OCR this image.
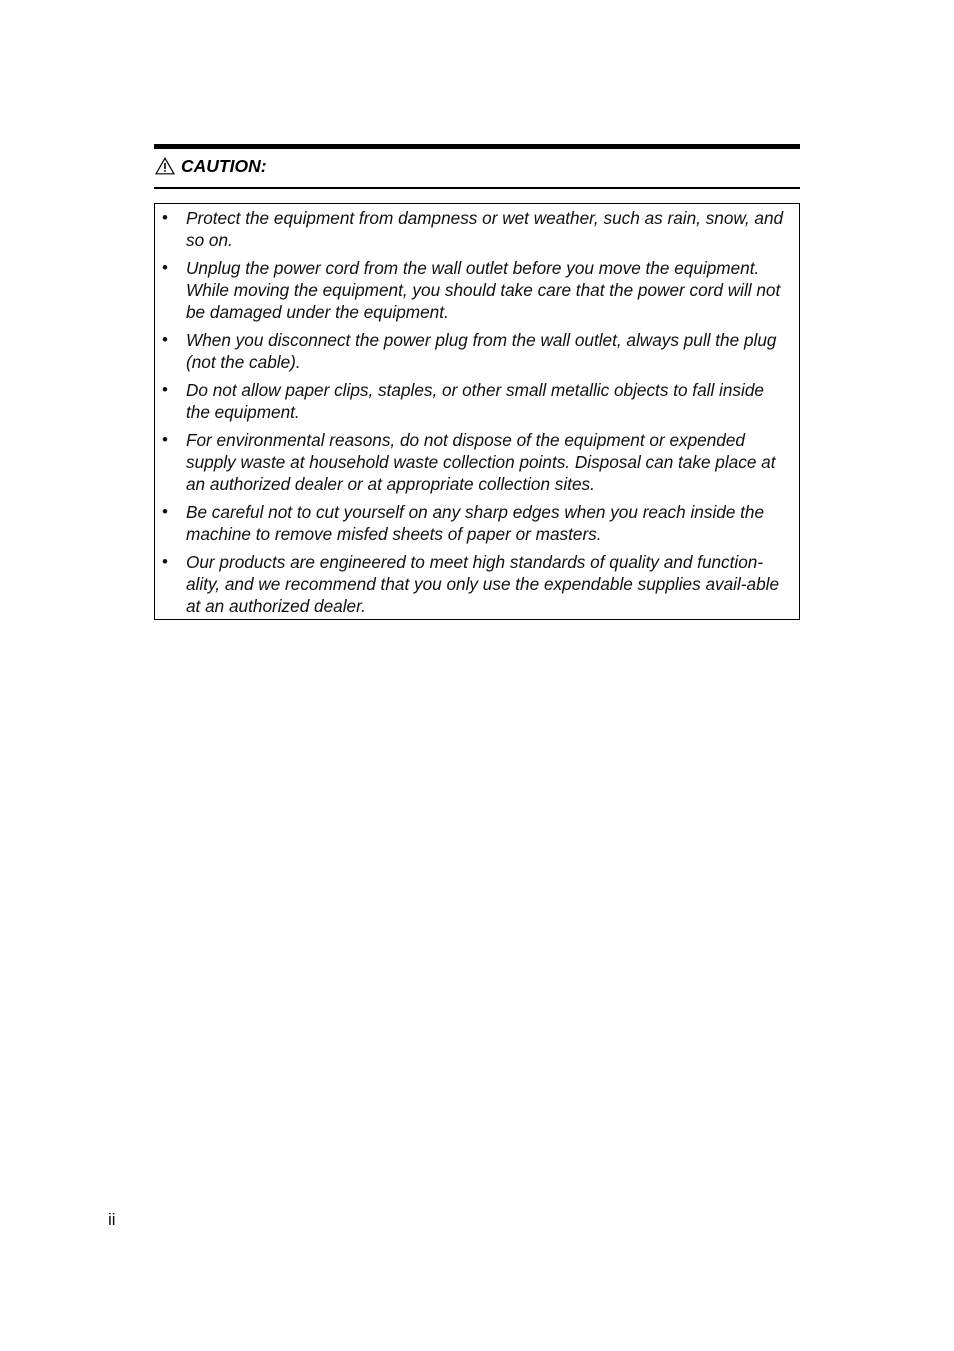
CAUTION:
• Protect the equipment from dampness or wet weather, such as rain, snow, and so on.
• Unplug the power cord from the wall outlet before you move the equipment. While moving the equipment, you should take care that the power cord will not be damaged under the equipment.
• When you disconnect the power plug from the wall outlet, always pull the plug (not the cable).
• Do not allow paper clips, staples, or other small metallic objects to fall inside the equipment.
• For environmental reasons, do not dispose of the equipment or expended supply waste at household waste collection points. Disposal can take place at an authorized dealer or at appropriate collection sites.
• Be careful not to cut yourself on any sharp edges when you reach inside the machine to remove misfed sheets of paper or masters.
• Our products are engineered to meet high standards of quality and function-ality, and we recommend that you only use the expendable supplies avail-able at an authorized dealer.
ii
